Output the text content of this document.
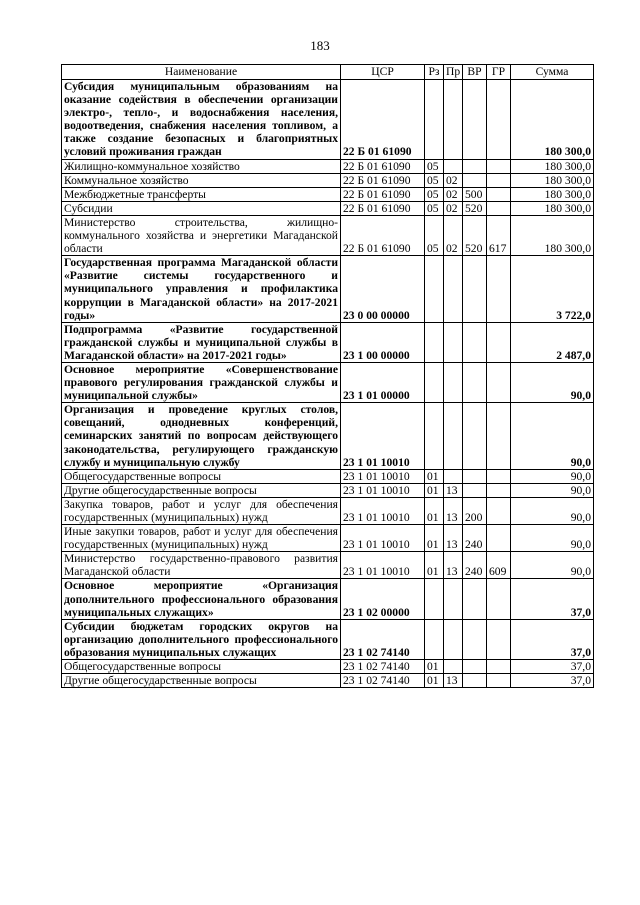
183
Наименование	ЦСР	Рз	Пр	ВР	ГР	Сумма
Субсидия муниципальным образованиям на оказание содействия в обеспечении организации электро-, тепло-, и водоснабжения населения, водоотведения, снабжения населения топливом, а также создание безопасных и благоприятных условий проживания граждан	22 Б 01 61090					180 300,0
Жилищно-коммунальное хозяйство	22 Б 01 61090	05				180 300,0
Коммунальное хозяйство	22 Б 01 61090	05	02			180 300,0
Межбюджетные трансферты	22 Б 01 61090	05	02	500		180 300,0
Субсидии	22 Б 01 61090	05	02	520		180 300,0
Министерство строительства, жилищно-коммунального хозяйства и энергетики Магаданской области	22 Б 01 61090	05	02	520	617	180 300,0
Государственная программа Магаданской области «Развитие системы государственного и муниципального управления и профилактика коррупции в Магаданской области» на 2017-2021 годы»	23 0 00 00000					3 722,0
Подпрограмма «Развитие государственной гражданской службы и муниципальной службы в Магаданской области» на 2017-2021 годы»	23 1 00 00000					2 487,0
Основное мероприятие «Совершенствование правового регулирования гражданской службы и муниципальной службы»	23 1 01 00000					90,0
Организация и проведение круглых столов, совещаний, однодневных конференций, семинарских занятий по вопросам действующего законодательства, регулирующего гражданскую службу и муниципальную службу	23 1 01 10010					90,0
Общегосударственные вопросы	23 1 01 10010	01				90,0
Другие общегосударственные вопросы	23 1 01 10010	01	13			90,0
Закупка товаров, работ и услуг для обеспечения государственных (муниципальных) нужд	23 1 01 10010	01	13	200		90,0
Иные закупки товаров, работ и услуг для обеспечения государственных (муниципальных) нужд	23 1 01 10010	01	13	240		90,0
Министерство государственно-правового развития Магаданской области	23 1 01 10010	01	13	240	609	90,0
Основное мероприятие «Организация дополнительного профессионального образования муниципальных служащих»	23 1 02 00000					37,0
Субсидии бюджетам городских округов на организацию дополнительного профессионального образования муниципальных служащих	23 1 02 74140					37,0
Общегосударственные вопросы	23 1 02 74140	01				37,0
Другие общегосударственные вопросы	23 1 02 74140	01	13			37,0
